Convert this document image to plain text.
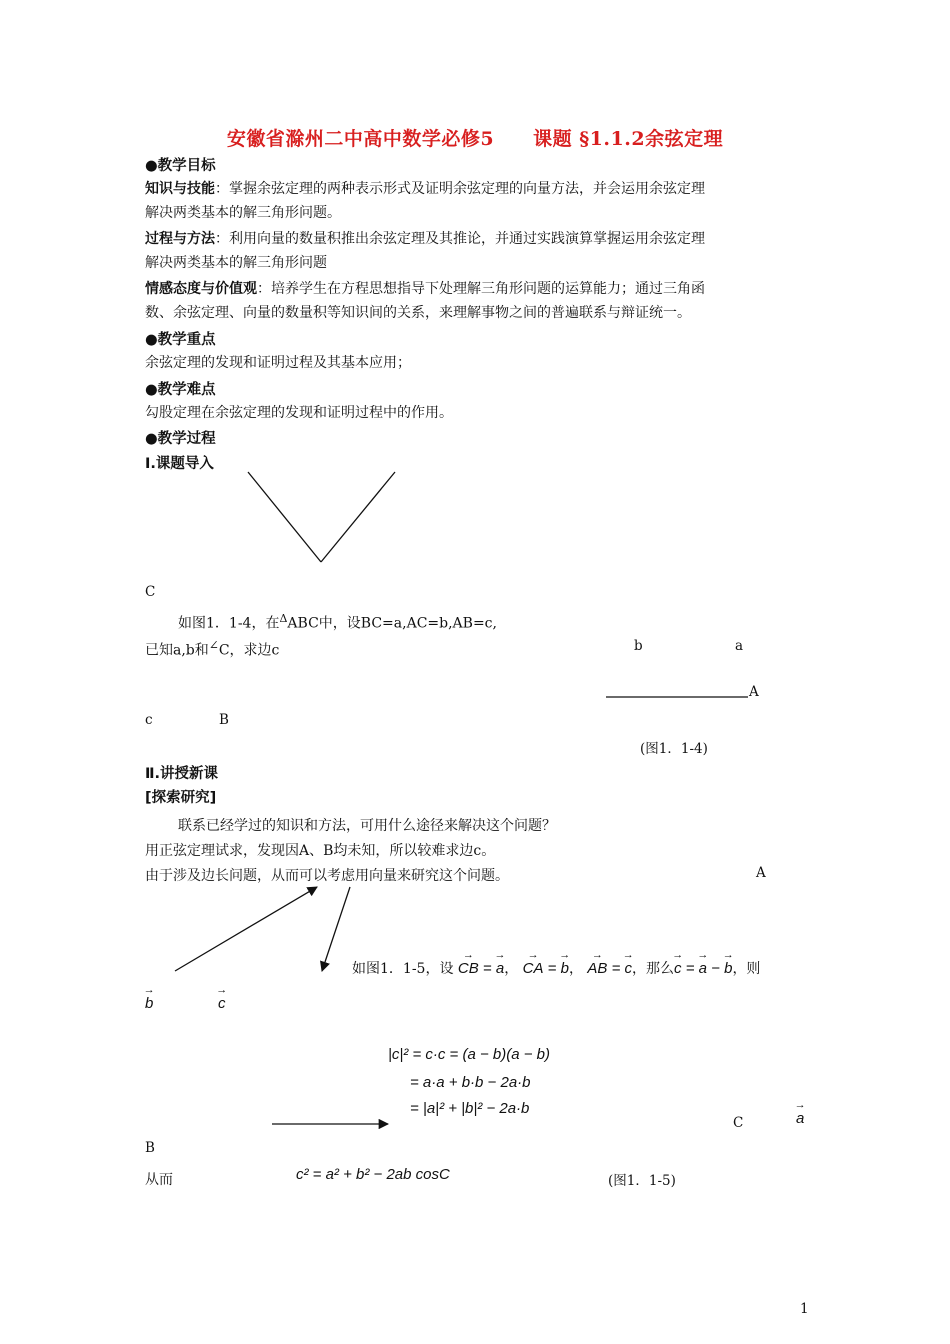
安徽省滁州二中高中数学必修5　　课题 §1.1.2余弦定理
●教学目标
知识与技能：掌握余弦定理的两种表示形式及证明余弦定理的向量方法，并会运用余弦定理
解决两类基本的解三角形问题。
过程与方法：利用向量的数量积推出余弦定理及其推论，并通过实践演算掌握运用余弦定理
解决两类基本的解三角形问题
情感态度与价值观：培养学生在方程思想指导下处理解三角形问题的运算能力；通过三角函
数、余弦定理、向量的数量积等知识间的关系，来理解事物之间的普遍联系与辩证统一。
●教学重点
余弦定理的发现和证明过程及其基本应用；
●教学难点
勾股定理在余弦定理的发现和证明过程中的作用。
●教学过程
Ⅰ.课题导入
C
如图1．1-4，在$^\Delta$ABC中，设BC=a,AC=b,AB=c,
已知a,b和∠C，求边c	b	a
A
c	B
(图1．1-4)
Ⅱ.讲授新课
[探索研究]
联系已经学过的知识和方法，可用什么途径来解决这个问题？
用正弦定理试求，发现因A、B均未知，所以较难求边c。
由于涉及边长问题，从而可以考虑用向量来研究这个问题。	A
如图1．1-5，设 → CB = → a， → CA = → b， → AB = → c，那么→ c = → a − → b，则
→ b	→ c
|c|² = c·c = (a − b)(a − b)
= a·a + b·b − 2a·b
= |a|² + |b|² − 2a·b
C	→ a
B
从而	c² = a² + b² − 2ab cosC	(图1．1-5)
1
